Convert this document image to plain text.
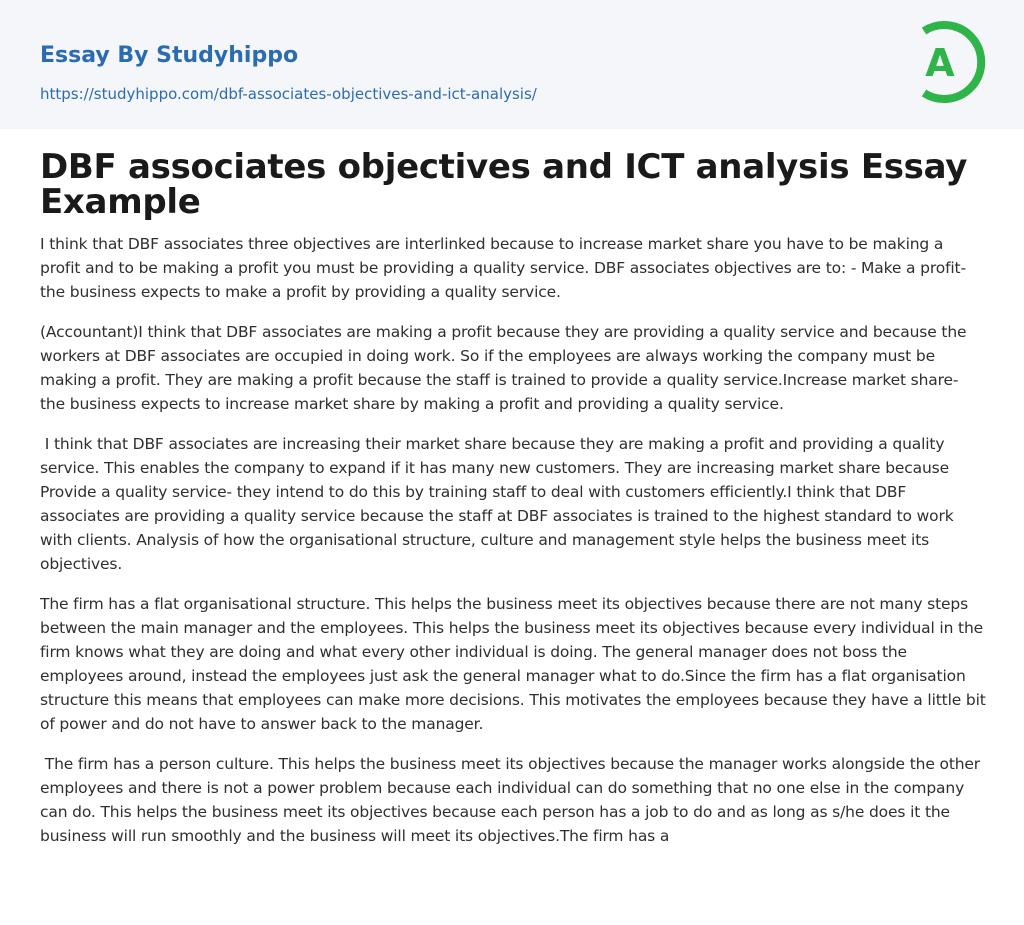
Essay By Studyhippo
https://studyhippo.com/dbf-associates-objectives-and-ict-analysis/
A
DBF associates objectives and ICT analysis Essay Example

I think that DBF associates three objectives are interlinked because to increase market share you have to be making a profit and to be making a profit you must be providing a quality service. DBF associates objectives are to: - Make a profit- the business expects to make a profit by providing a quality service.

(Accountant)I think that DBF associates are making a profit because they are providing a quality service and because the workers at DBF associates are occupied in doing work. So if the employees are always working the company must be making a profit. They are making a profit because the staff is trained to provide a quality service.Increase market share- the business expects to increase market share by making a profit and providing a quality service.

I think that DBF associates are increasing their market share because they are making a profit and providing a quality service. This enables the company to expand if it has many new customers. They are increasing market share because Provide a quality service- they intend to do this by training staff to deal with customers efficiently.I think that DBF associates are providing a quality service because the staff at DBF associates is trained to the highest standard to work with clients. Analysis of how the organisational structure, culture and management style helps the business meet its objectives.

The firm has a flat organisational structure. This helps the business meet its objectives because there are not many steps between the main manager and the employees. This helps the business meet its objectives because every individual in the firm knows what they are doing and what every other individual is doing. The general manager does not boss the employees around, instead the employees just ask the general manager what to do.Since the firm has a flat organisation structure this means that employees can make more decisions. This motivates the employees because they have a little bit of power and do not have to answer back to the manager.

The firm has a person culture. This helps the business meet its objectives because the manager works alongside the other employees and there is not a power problem because each individual can do something that no one else in the company can do. This helps the business meet its objectives because each person has a job to do and as long as s/he does it the business will run smoothly and the business will meet its objectives.The firm has a
